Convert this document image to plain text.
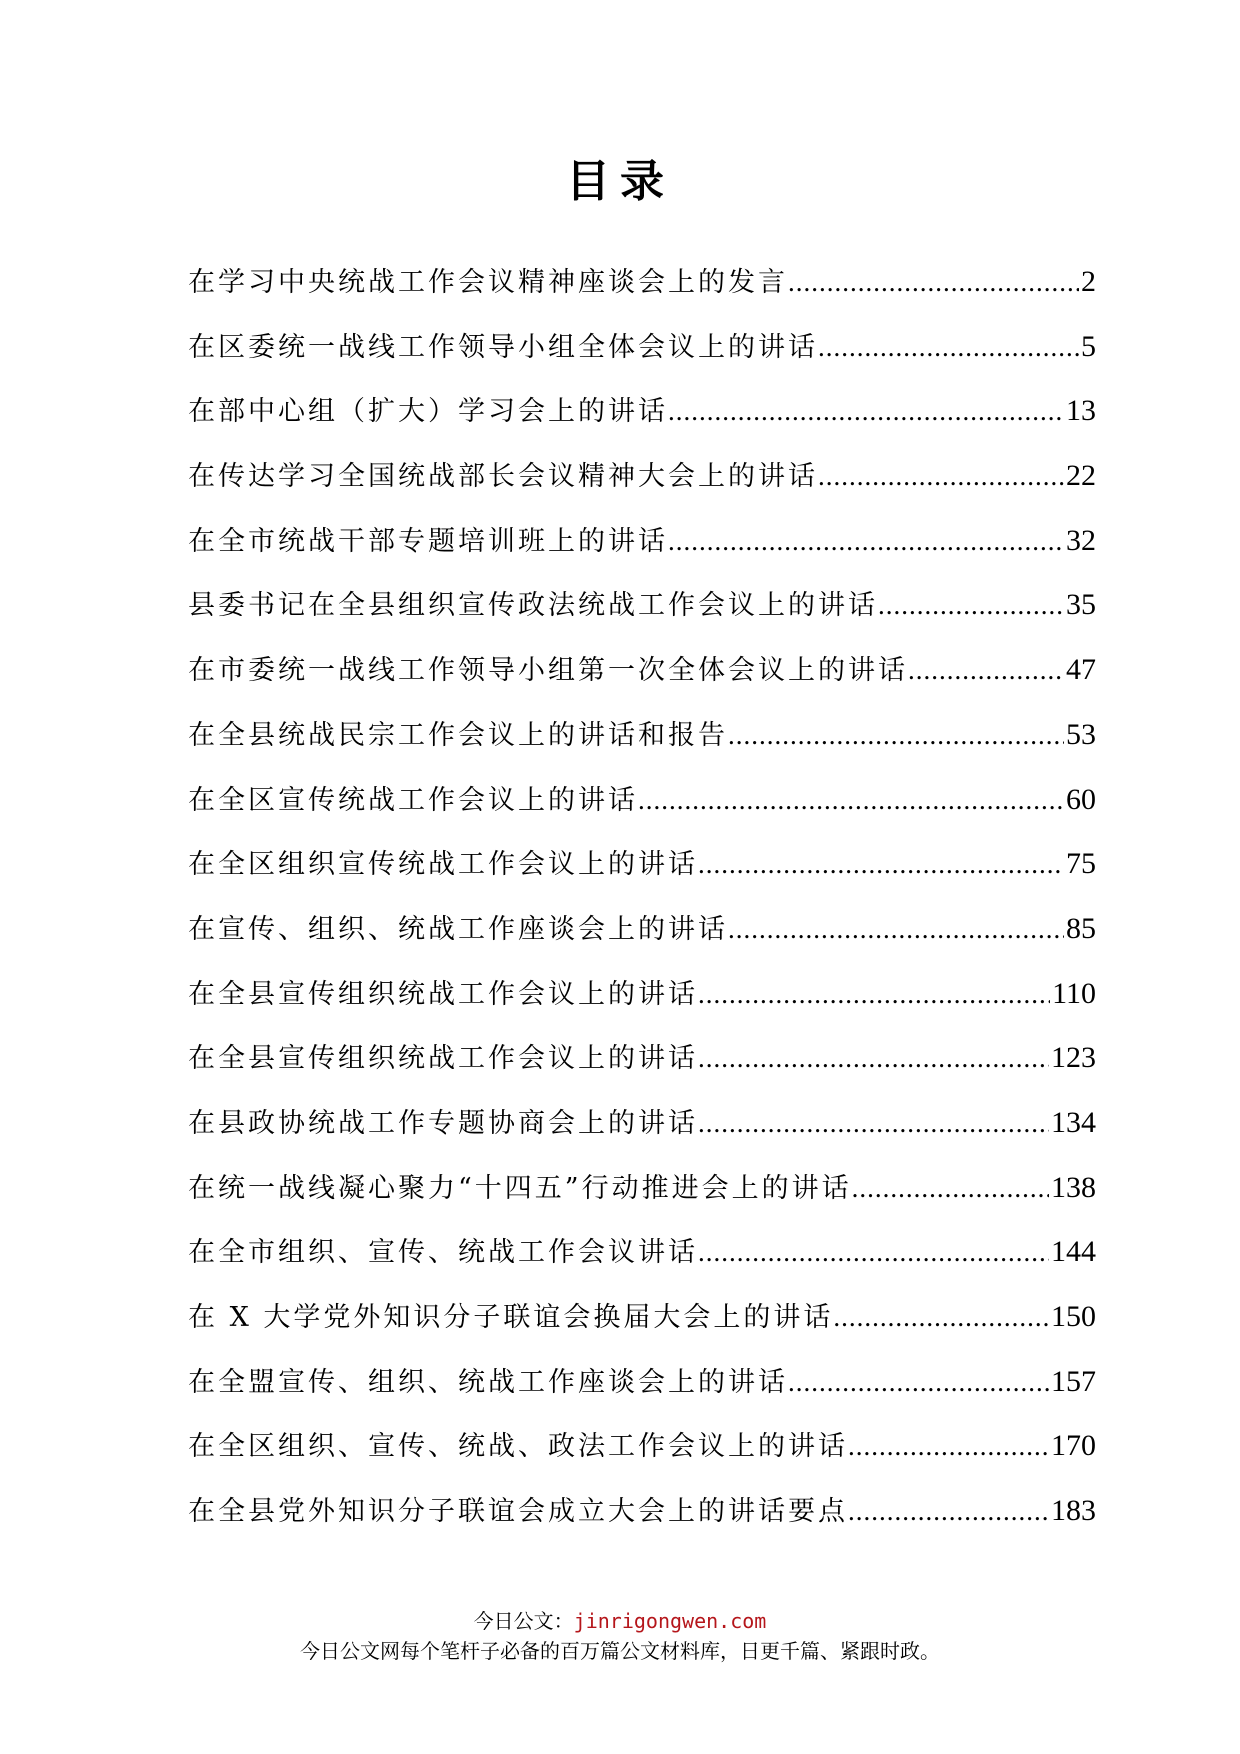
目录
在学习中央统战工作会议精神座谈会上的发言 .....	2
在区委统一战线工作领导小组全体会议上的讲话 .....	5
在部中心组（扩大）学习会上的讲话 .....	13
在传达学习全国统战部长会议精神大会上的讲话 .....	22
在全市统战干部专题培训班上的讲话 .....	32
县委书记在全县组织宣传政法统战工作会议上的讲话 .....	35
在市委统一战线工作领导小组第一次全体会议上的讲话 .....	47
在全县统战民宗工作会议上的讲话和报告 .....	53
在全区宣传统战工作会议上的讲话 .....	60
在全区组织宣传统战工作会议上的讲话 .....	75
在宣传、组织、统战工作座谈会上的讲话 .....	85
在全县宣传组织统战工作会议上的讲话 .....	110
在全县宣传组织统战工作会议上的讲话 .....	123
在县政协统战工作专题协商会上的讲话 .....	134
在统一战线凝心聚力“十四五”行动推进会上的讲话 .....	138
在全市组织、宣传、统战工作会议讲话 .....	144
在 X 大学党外知识分子联谊会换届大会上的讲话 .....	150
在全盟宣传、组织、统战工作座谈会上的讲话 .....	157
在全区组织、宣传、统战、政法工作会议上的讲话 .....	170
在全县党外知识分子联谊会成立大会上的讲话要点 .....	183
今日公文：jinrigongwen.com
今日公文网每个笔杆子必备的百万篇公文材料库，日更千篇、紧跟时政。
